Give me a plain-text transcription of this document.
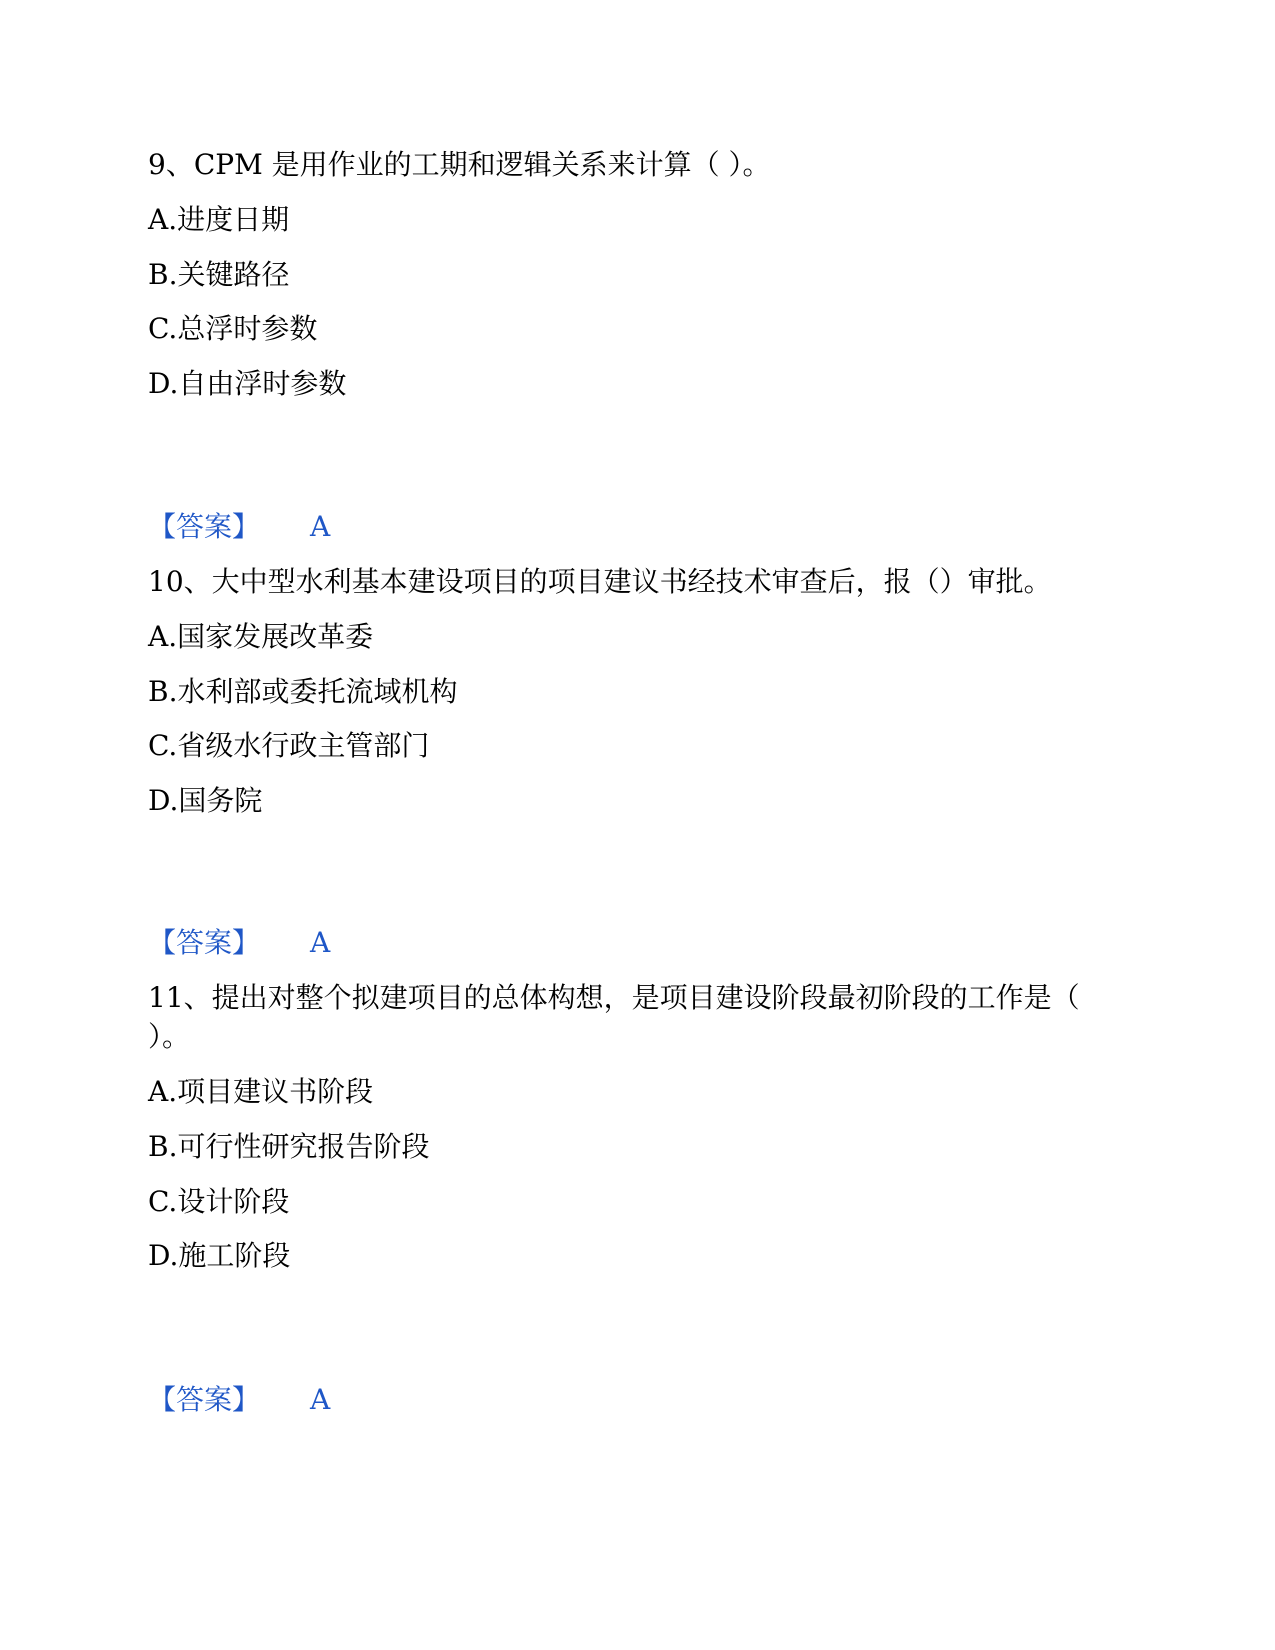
9、CPM 是用作业的工期和逻辑关系来计算（ ）。
A.进度日期
B.关键路径
C.总浮时参数
D.自由浮时参数
【答案】 A
10、大中型水利基本建设项目的项目建议书经技术审查后，报（）审批。
A.国家发展改革委
B.水利部或委托流域机构
C.省级水行政主管部门
D.国务院
【答案】 A
11、提出对整个拟建项目的总体构想，是项目建设阶段最初阶段的工作是（
）。
A.项目建议书阶段
B.可行性研究报告阶段
C.设计阶段
D.施工阶段
【答案】 A
